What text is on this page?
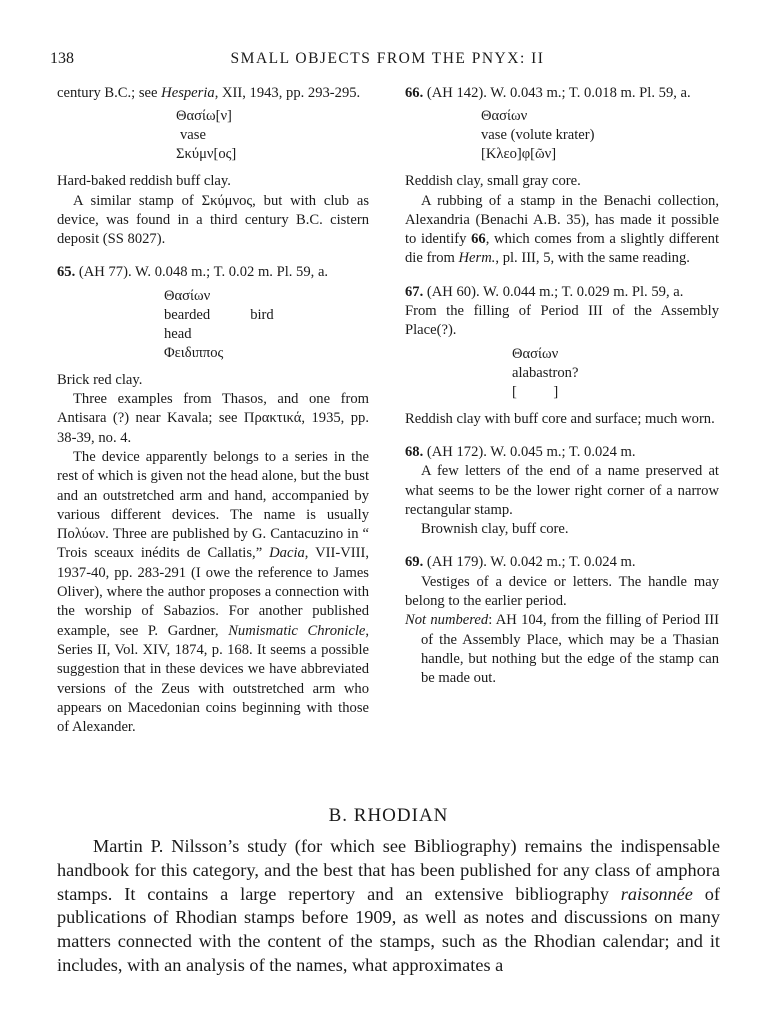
138	SMALL OBJECTS FROM THE PNYX: II

century B.C.; see Hesperia, XII, 1943, pp. 293-295.

Θασίω[ν]
vase
Σκύμν[ος]

Hard-baked reddish buff clay.

A similar stamp of Σκύμνος, but with club as device, was found in a third century B.C. cistern deposit (SS 8027).

65. (AH 77). W. 0.048 m.; T. 0.02 m. Pl. 59, a.

Θασίων
bearded	bird
head
Φειδιππος

Brick red clay.

Three examples from Thasos, and one from Antisara (?) near Kavala; see Πρακτικά, 1935, pp. 38-39, no. 4.

The device apparently belongs to a series in the rest of which is given not the head alone, but the bust and an outstretched arm and hand, accompanied by various different devices. The name is usually Πολύων. Three are published by G. Cantacuzino in “ Trois sceaux inédits de Callatis,” Dacia, VII-VIII, 1937-40, pp. 283-291 (I owe the reference to James Oliver), where the author proposes a connection with the worship of Sabazios. For another published example, see P. Gardner, Numismatic Chronicle, Series II, Vol. XIV, 1874, p. 168. It seems a possible suggestion that in these devices we have abbreviated versions of the Zeus with outstretched arm who appears on Macedonian coins beginning with those of Alexander.

66. (AH 142). W. 0.043 m.; T. 0.018 m. Pl. 59, a.

Θασίων
vase (volute krater)
[Κλεο]φ[ῶν]

Reddish clay, small gray core.

A rubbing of a stamp in the Benachi collection, Alexandria (Benachi A.B. 35), has made it possible to identify 66, which comes from a slightly different die from Herm., pl. III, 5, with the same reading.

67. (AH 60). W. 0.044 m.; T. 0.029 m. Pl. 59, a.

From the filling of Period III of the Assembly Place(?).

Θασίων
alabastron?
[          ]

Reddish clay with buff core and surface; much worn.

68. (AH 172). W. 0.045 m.; T. 0.024 m.

A few letters of the end of a name preserved at what seems to be the lower right corner of a narrow rectangular stamp.

Brownish clay, buff core.

69. (AH 179). W. 0.042 m.; T. 0.024 m.

Vestiges of a device or letters. The handle may belong to the earlier period.

Not numbered: AH 104, from the filling of Period III of the Assembly Place, which may be a Thasian handle, but nothing but the edge of the stamp can be made out.

B. RHODIAN

Martin P. Nilsson’s study (for which see Bibliography) remains the indispensable handbook for this category, and the best that has been published for any class of amphora stamps. It contains a large repertory and an extensive bibliography raisonnée of publications of Rhodian stamps before 1909, as well as notes and discussions on many matters connected with the content of the stamps, such as the Rhodian calendar; and it includes, with an analysis of the names, what approximates a
